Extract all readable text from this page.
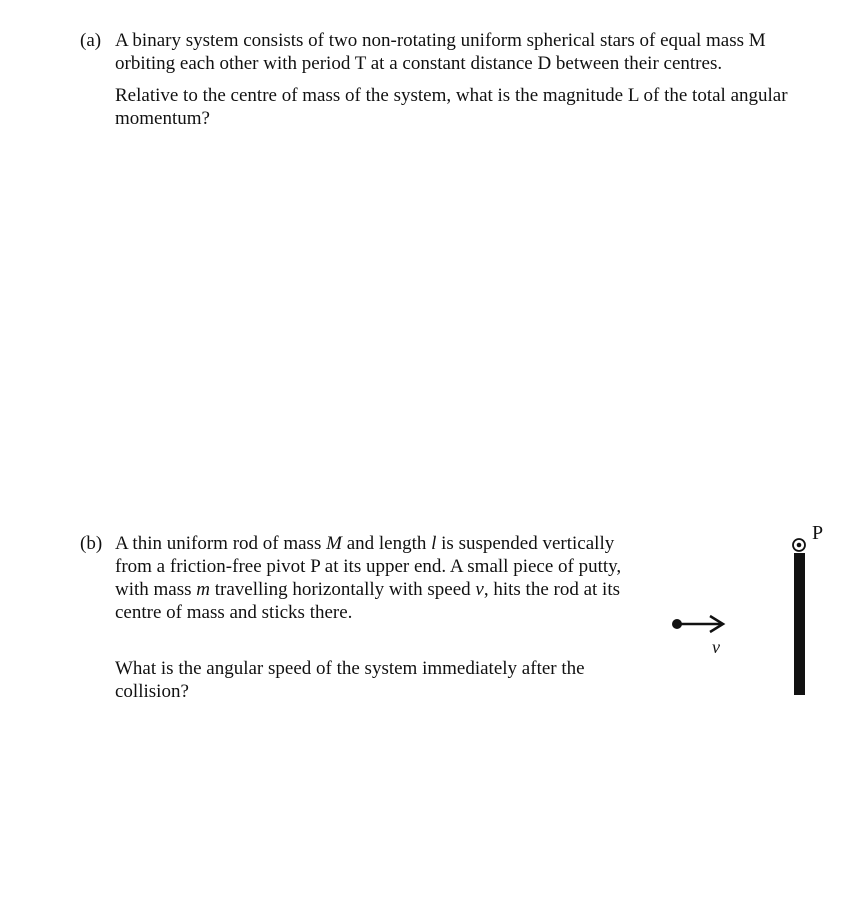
(a) A binary system consists of two non-rotating uniform spherical stars of equal mass M
orbiting each other with period T at a constant distance D between their centres.
Relative to the centre of mass of the system, what is the magnitude L of the total angular
momentum?
(b) A thin uniform rod of mass M and length l is suspended vertically
from a friction-free pivot P at its upper end. A small piece of putty,
with mass m travelling horizontally with speed v, hits the rod at its
centre of mass and sticks there.
What is the angular speed of the system immediately after the
collision?
v
P
